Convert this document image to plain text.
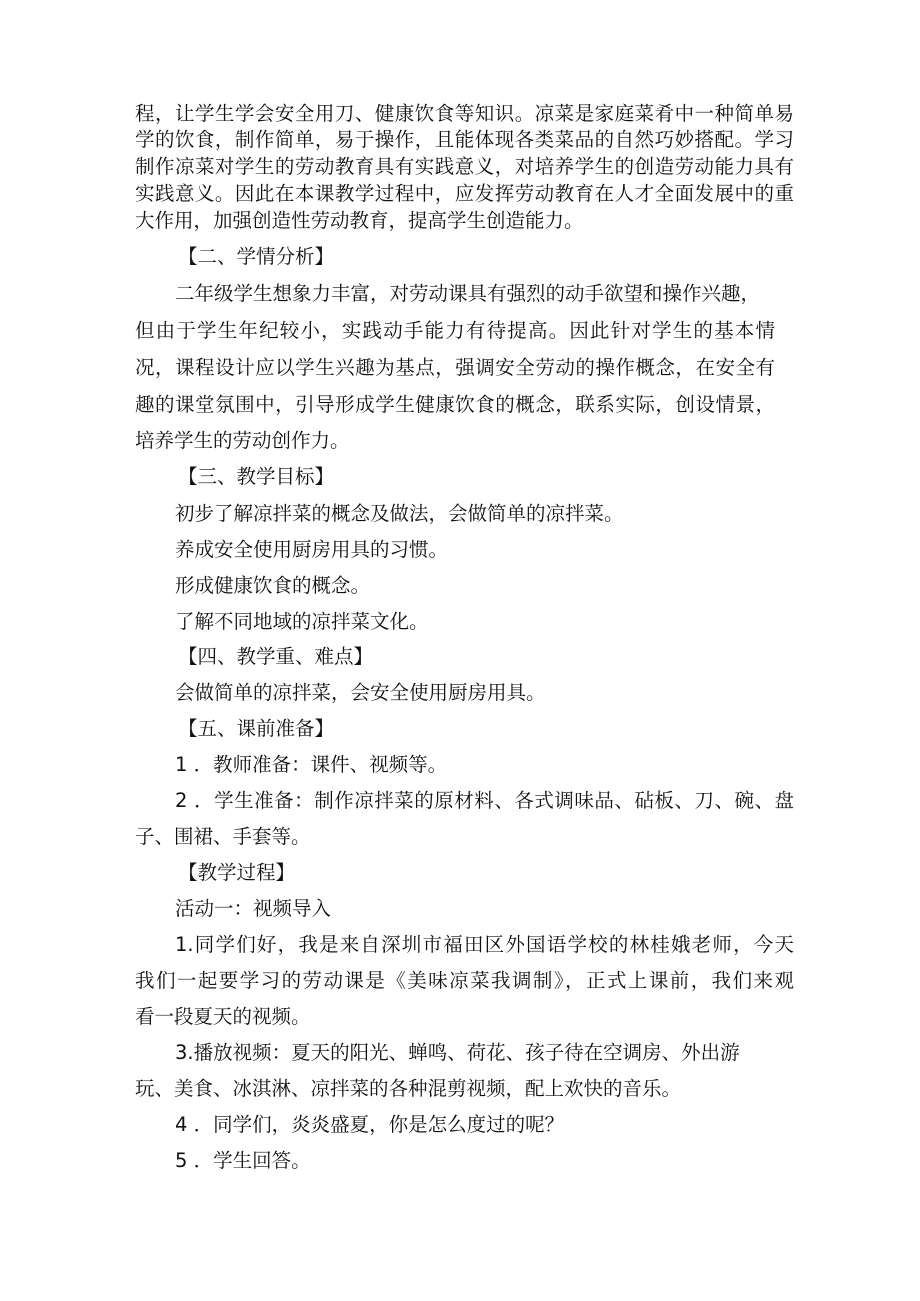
程，让学生学会安全用刀、健康饮食等知识。凉菜是家庭菜肴中一种简单易
学的饮食，制作简单，易于操作，且能体现各类菜品的自然巧妙搭配。学习
制作凉菜对学生的劳动教育具有实践意义，对培养学生的创造劳动能力具有
实践意义。因此在本课教学过程中，应发挥劳动教育在人才全面发展中的重
大作用，加强创造性劳动教育，提高学生创造能力。
【二、学情分析】
二年级学生想象力丰富，对劳动课具有强烈的动手欲望和操作兴趣，
但由于学生年纪较小，实践动手能力有待提高。因此针对学生的基本情
况，课程设计应以学生兴趣为基点，强调安全劳动的操作概念，在安全有
趣的课堂氛围中，引导形成学生健康饮食的概念，联系实际，创设情景，
培养学生的劳动创作力。
【三、教学目标】
初步了解凉拌菜的概念及做法，会做简单的凉拌菜。
养成安全使用厨房用具的习惯。
形成健康饮食的概念。
了解不同地域的凉拌菜文化。
【四、教学重、难点】
会做简单的凉拌菜，会安全使用厨房用具。
【五、课前准备】
1 ．教师准备：课件、视频等。
2 ．学生准备：制作凉拌菜的原材料、各式调味品、砧板、刀、碗、盘
子、围裙、手套等。
【教学过程】
活动一：视频导入
1.同学们好，我是来自深圳市福田区外国语学校的林桂娥老师，今天
我们一起要学习的劳动课是《美味凉菜我调制》，正式上课前，我们来观
看一段夏天的视频。
3.播放视频：夏天的阳光、蝉鸣、荷花、孩子待在空调房、外出游
玩、美食、冰淇淋、凉拌菜的各种混剪视频，配上欢快的音乐。
4 ．同学们，炎炎盛夏，你是怎么度过的呢？
5 ．学生回答。
